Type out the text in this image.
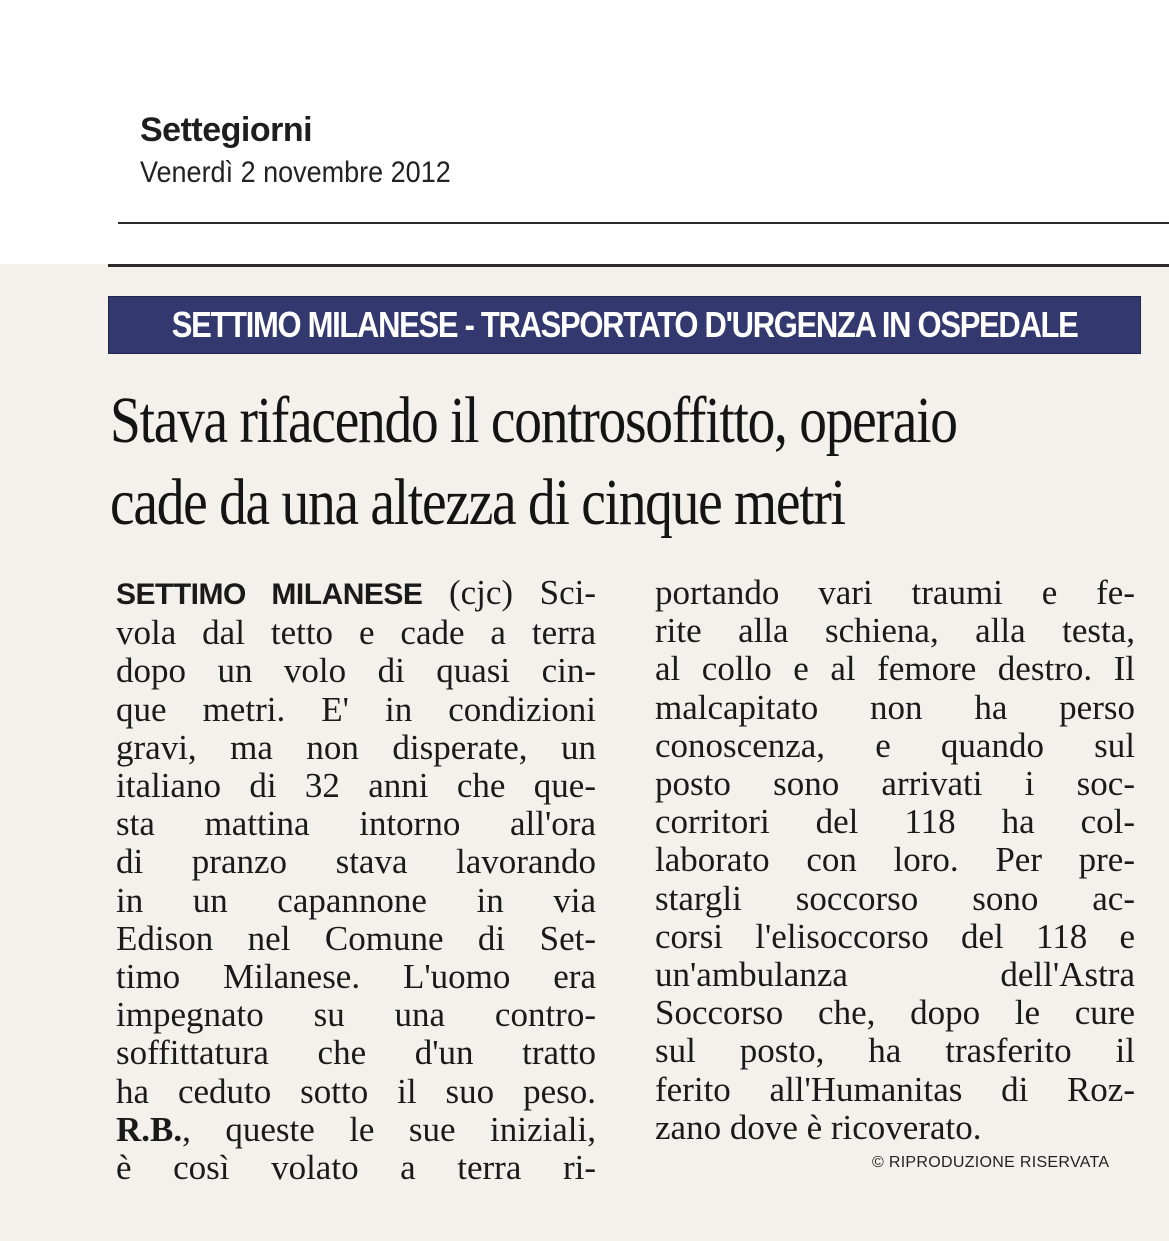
Settegiorni
Venerdì 2 novembre 2012
SETTIMO MILANESE - TRASPORTATO D'URGENZA IN OSPEDALE
Stava rifacendo il controsoffitto, operaio
cade da una altezza di cinque metri
SETTIMO MILANESE (cjc) Sci-
vola dal tetto e cade a terra
dopo un volo di quasi cin-
que metri. E' in condizioni
gravi, ma non disperate, un
italiano di 32 anni che que-
sta mattina intorno all'ora
di pranzo stava lavorando
in un capannone in via
Edison nel Comune di Set-
timo Milanese. L'uomo era
impegnato su una contro-
soffittatura che d'un tratto
ha ceduto sotto il suo peso.
R.B., queste le sue iniziali,
è così volato a terra ri-
portando vari traumi e fe-
rite alla schiena, alla testa,
al collo e al femore destro. Il
malcapitato non ha perso
conoscenza, e quando sul
posto sono arrivati i soc-
corritori del 118 ha col-
laborato con loro. Per pre-
stargli soccorso sono ac-
corsi l'elisoccorso del 118 e
un'ambulanza dell'Astra
Soccorso che, dopo le cure
sul posto, ha trasferito il
ferito all'Humanitas di Roz-
zano dove è ricoverato.
© RIPRODUZIONE RISERVATA
